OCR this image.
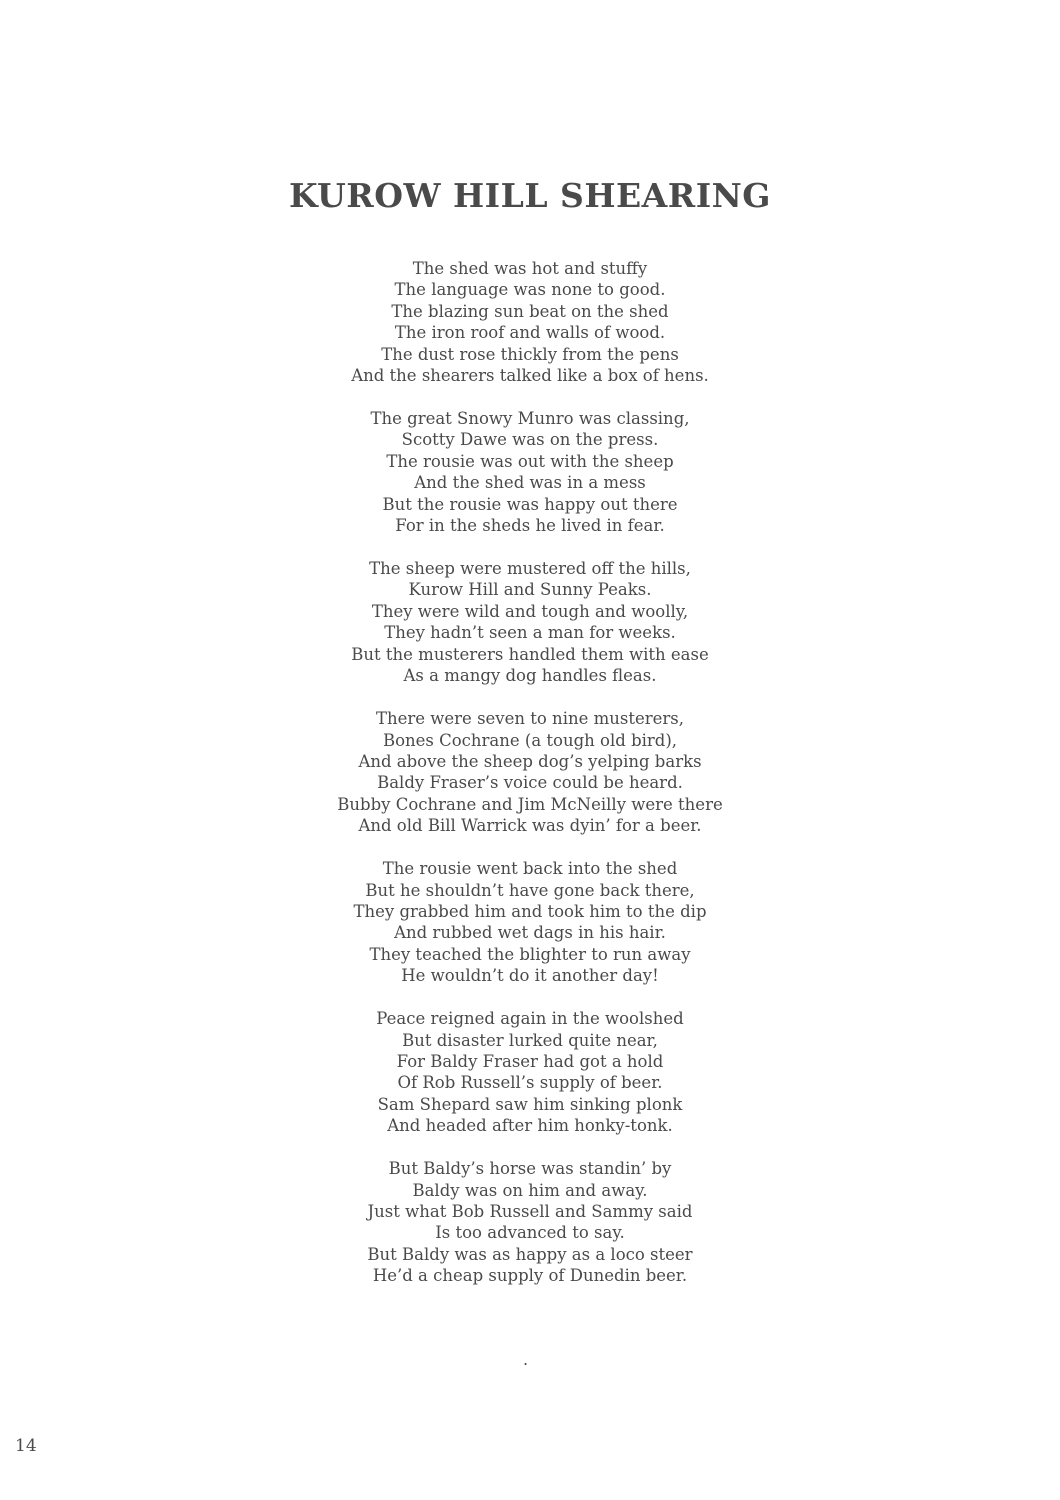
KUROW HILL SHEARING
The shed was hot and stuffy
The language was none to good.
The blazing sun beat on the shed
The iron roof and walls of wood.
The dust rose thickly from the pens
And the shearers talked like a box of hens.
The great Snowy Munro was classing,
Scotty Dawe was on the press.
The rousie was out with the sheep
And the shed was in a mess
But the rousie was happy out there
For in the sheds he lived in fear.
The sheep were mustered off the hills,
Kurow Hill and Sunny Peaks.
They were wild and tough and woolly,
They hadn’t seen a man for weeks.
But the musterers handled them with ease
As a mangy dog handles fleas.
There were seven to nine musterers,
Bones Cochrane (a tough old bird),
And above the sheep dog’s yelping barks
Baldy Fraser’s voice could be heard.
Bubby Cochrane and Jim McNeilly were there
And old Bill Warrick was dyin’ for a beer.
The rousie went back into the shed
But he shouldn’t have gone back there,
They grabbed him and took him to the dip
And rubbed wet dags in his hair.
They teached the blighter to run away
He wouldn’t do it another day!
Peace reigned again in the woolshed
But disaster lurked quite near,
For Baldy Fraser had got a hold
Of Rob Russell’s supply of beer.
Sam Shepard saw him sinking plonk
And headed after him honky-tonk.
But Baldy’s horse was standin’ by
Baldy was on him and away.
Just what Bob Russell and Sammy said
Is too advanced to say.
But Baldy was as happy as a loco steer
He’d a cheap supply of Dunedin beer.
.
14
